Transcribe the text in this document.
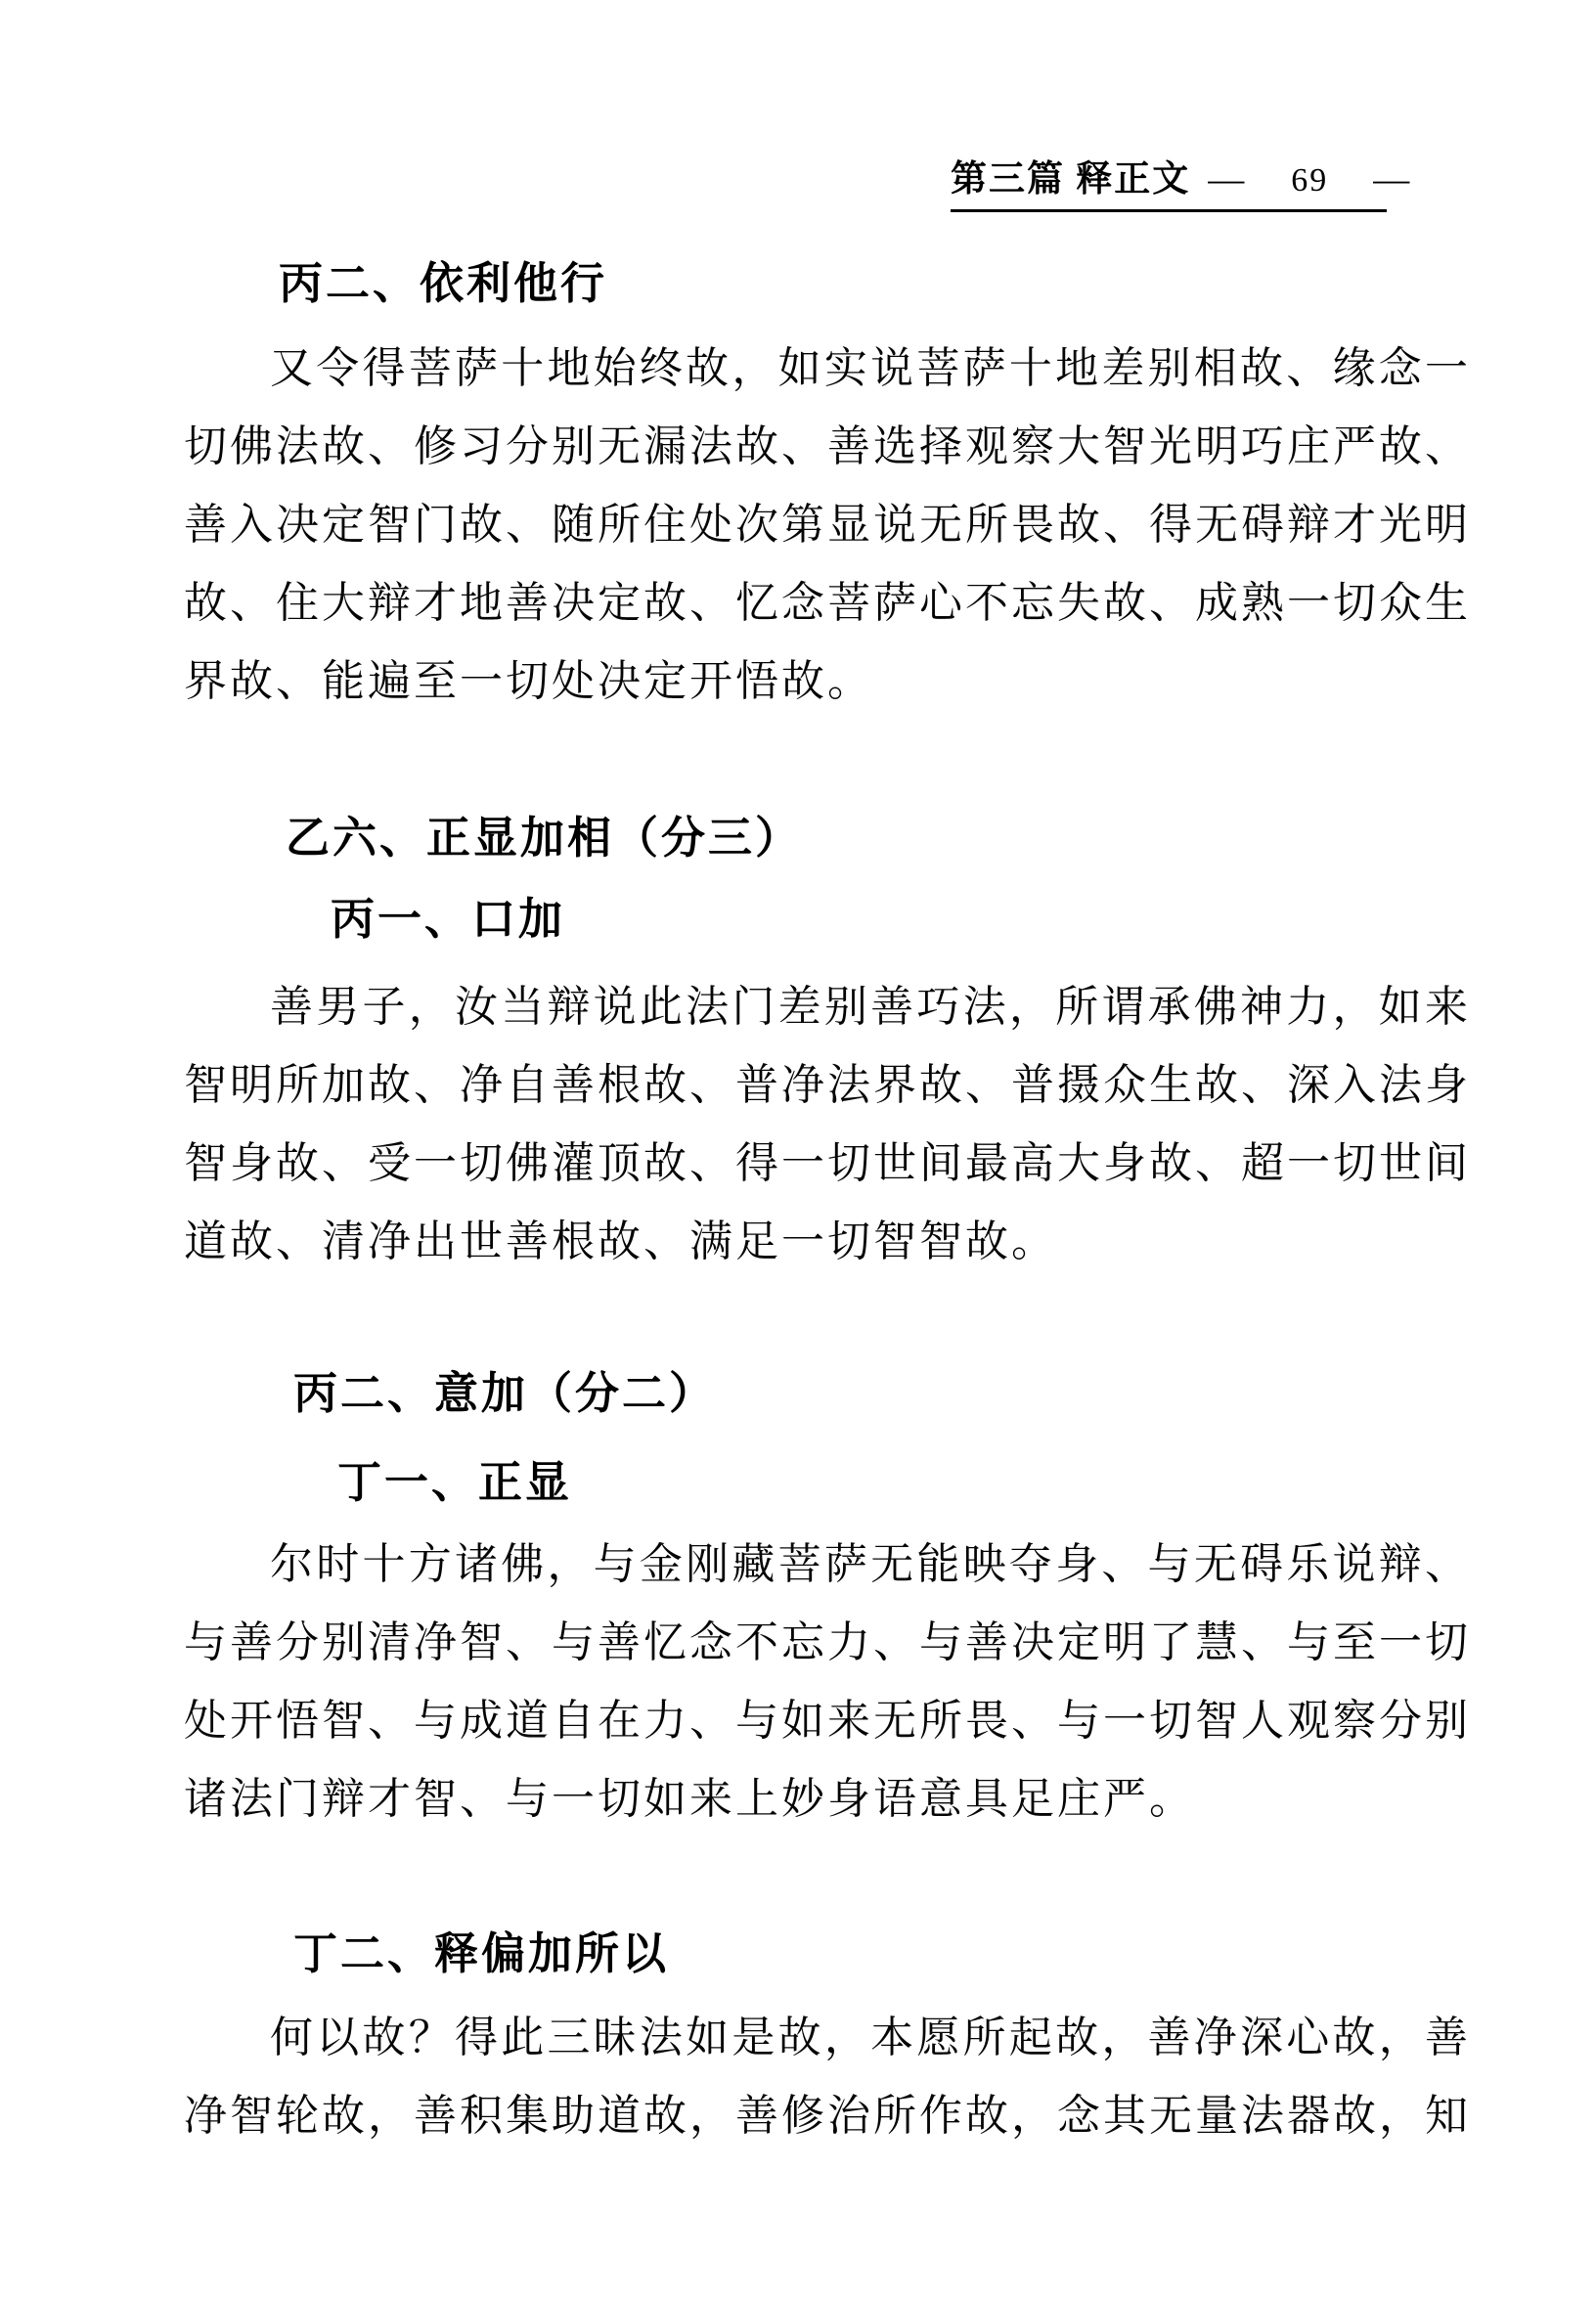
第三篇 释正文 — 69 —
丙二、依利他行
又令得菩萨十地始终故，如实说菩萨十地差别相故、缘念一
切佛法故、修习分别无漏法故、善选择观察大智光明巧庄严故、
善入决定智门故、随所住处次第显说无所畏故、得无碍辩才光明
故、住大辩才地善决定故、忆念菩萨心不忘失故、成熟一切众生
界故、能遍至一切处决定开悟故。
乙六、正显加相（分三）
丙一、口加
善男子，汝当辩说此法门差别善巧法，所谓承佛神力，如来
智明所加故、净自善根故、普净法界故、普摄众生故、深入法身
智身故、受一切佛灌顶故、得一切世间最高大身故、超一切世间
道故、清净出世善根故、满足一切智智故。
丙二、意加（分二）
丁一、正显
尔时十方诸佛，与金刚藏菩萨无能映夺身、与无碍乐说辩、
与善分别清净智、与善忆念不忘力、与善决定明了慧、与至一切
处开悟智、与成道自在力、与如来无所畏、与一切智人观察分别
诸法门辩才智、与一切如来上妙身语意具足庄严。
丁二、释偏加所以
何以故？得此三昧法如是故，本愿所起故，善净深心故，善
净智轮故，善积集助道故，善修治所作故，念其无量法器故，知
